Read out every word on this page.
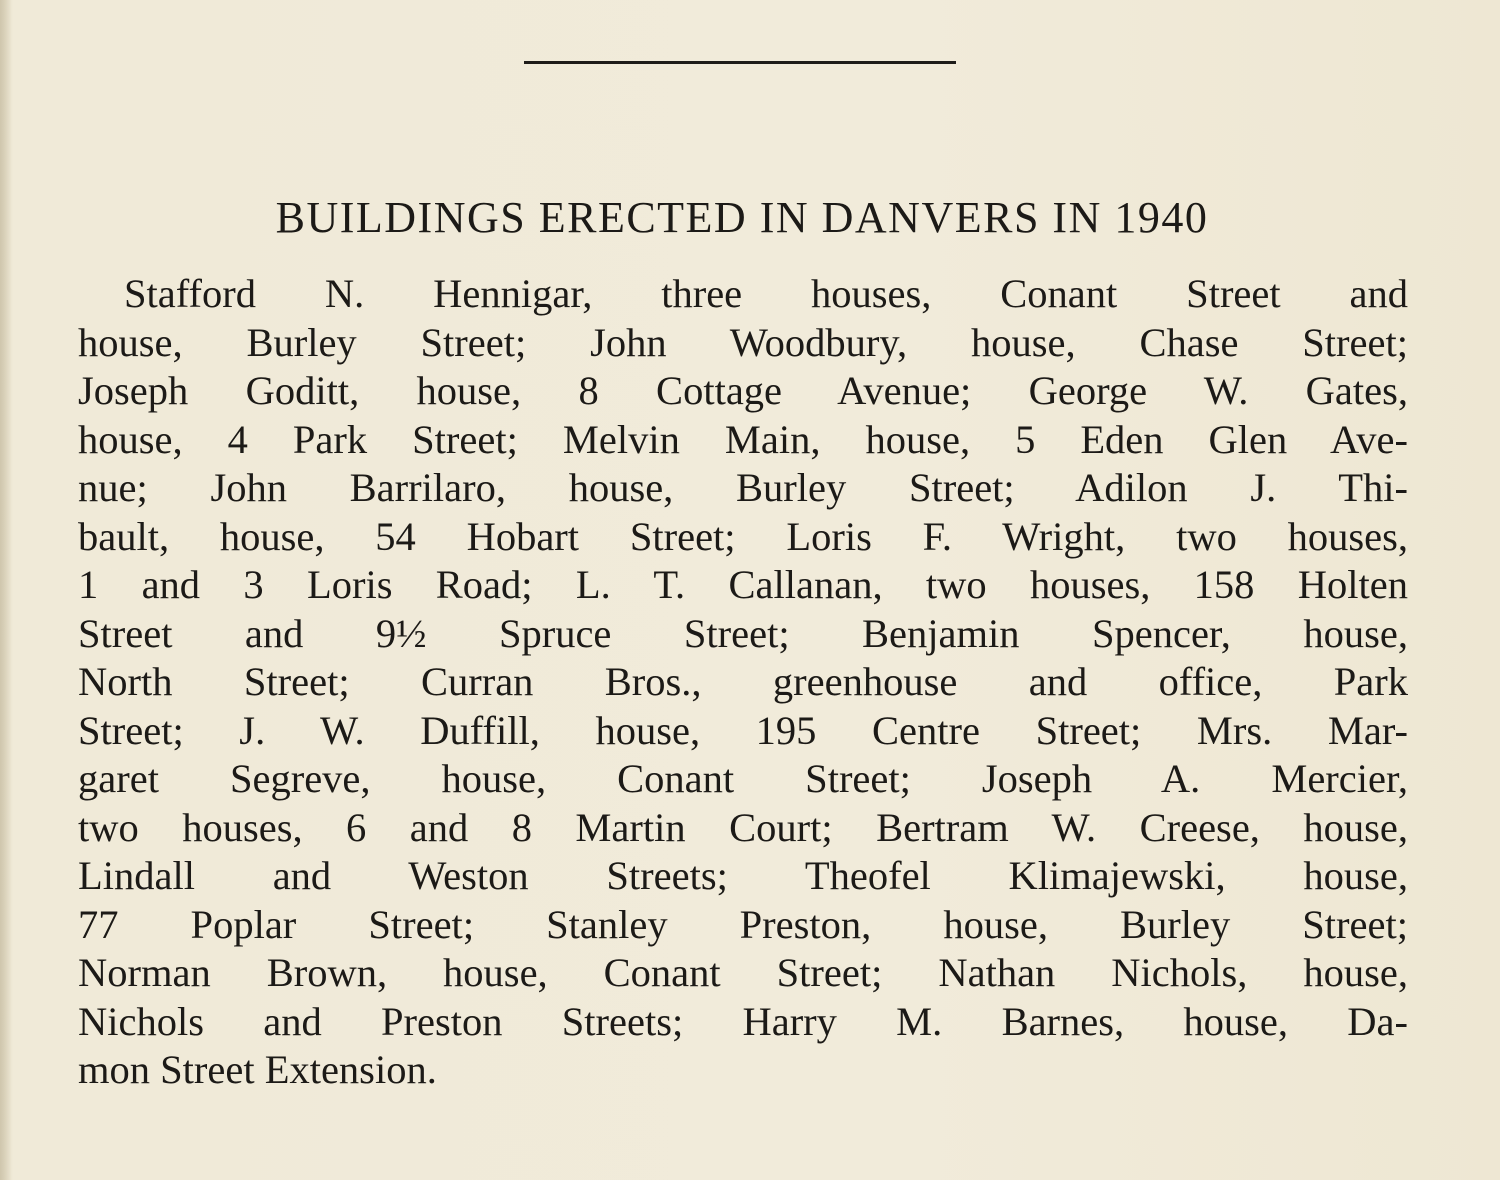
BUILDINGS ERECTED IN DANVERS IN 1940
Stafford N. Hennigar, three houses, Conant Street and
house, Burley Street; John Woodbury, house, Chase Street;
Joseph Goditt, house, 8 Cottage Avenue; George W. Gates,
house, 4 Park Street; Melvin Main, house, 5 Eden Glen Ave-
nue; John Barrilaro, house, Burley Street; Adilon J. Thi-
bault, house, 54 Hobart Street; Loris F. Wright, two houses,
1 and 3 Loris Road; L. T. Callanan, two houses, 158 Holten
Street and 9½ Spruce Street; Benjamin Spencer, house,
North Street; Curran Bros., greenhouse and office, Park
Street; J. W. Duffill, house, 195 Centre Street; Mrs. Mar-
garet Segreve, house, Conant Street; Joseph A. Mercier,
two houses, 6 and 8 Martin Court; Bertram W. Creese, house,
Lindall and Weston Streets; Theofel Klimajewski, house,
77 Poplar Street; Stanley Preston, house, Burley Street;
Norman Brown, house, Conant Street; Nathan Nichols, house,
Nichols and Preston Streets; Harry M. Barnes, house, Da-
mon Street Extension.
